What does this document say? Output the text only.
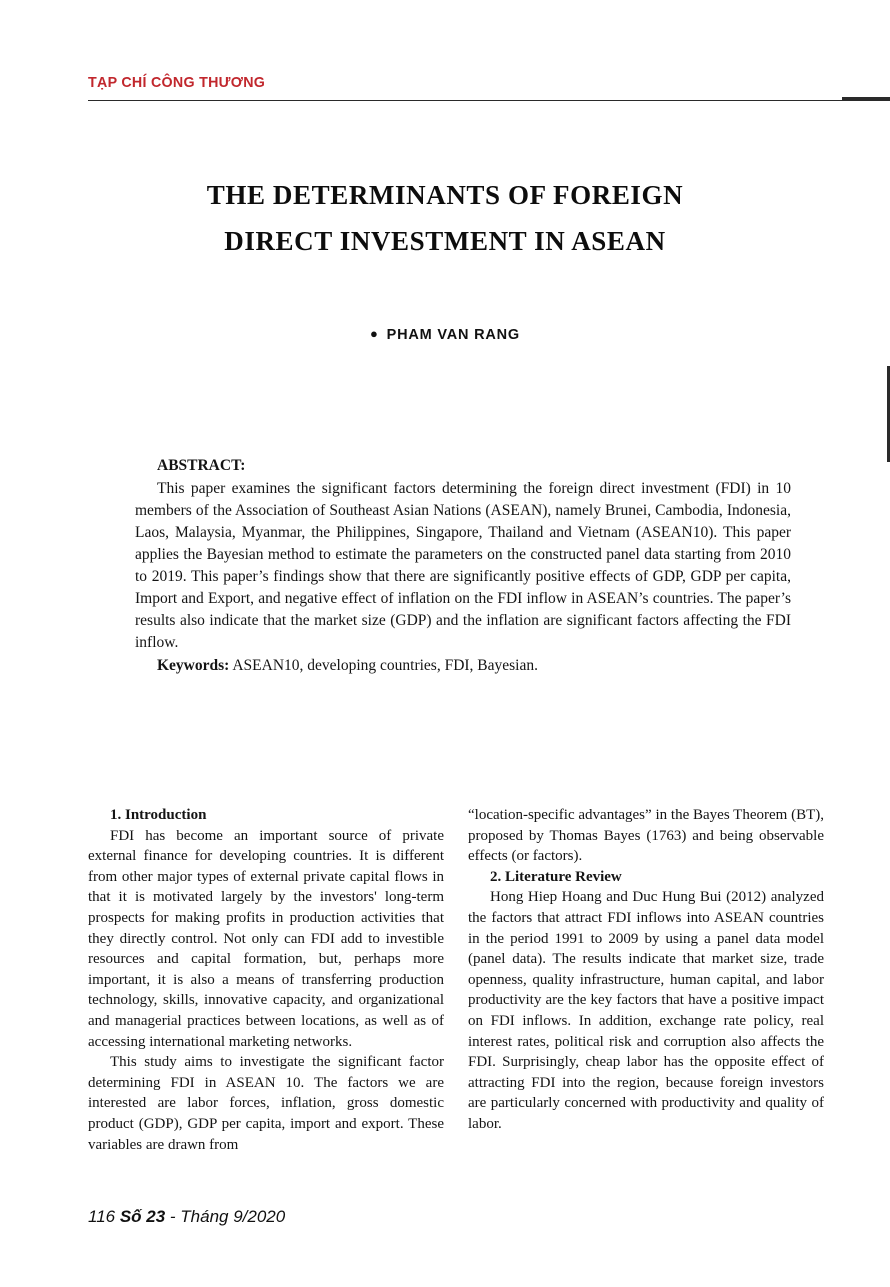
TẠP CHÍ CÔNG THƯƠNG
THE DETERMINANTS OF FOREIGN
DIRECT INVESTMENT IN ASEAN
● PHAM VAN RANG
ABSTRACT:
This paper examines the significant factors determining the foreign direct investment (FDI) in 10 members of the Association of Southeast Asian Nations (ASEAN), namely Brunei, Cambodia, Indonesia, Laos, Malaysia, Myanmar, the Philippines, Singapore, Thailand and Vietnam (ASEAN10). This paper applies the Bayesian method to estimate the parameters on the constructed panel data starting from 2010 to 2019. This paper’s findings show that there are significantly positive effects of GDP, GDP per capita, Import and Export, and negative effect of inflation on the FDI inflow in ASEAN’s countries. The paper’s results also indicate that the market size (GDP) and the inflation are significant factors affecting the FDI inflow.
Keywords: ASEAN10, developing countries, FDI, Bayesian.
1. Introduction

FDI has become an important source of private external finance for developing countries. It is different from other major types of external private capital flows in that it is motivated largely by the investors' long-term prospects for making profits in production activities that they directly control. Not only can FDI add to investible resources and capital formation, but, perhaps more important, it is also a means of transferring production technology, skills, innovative capacity, and organizational and managerial practices between locations, as well as of accessing international marketing networks.

This study aims to investigate the significant factor determining FDI in ASEAN 10. The factors we are interested are labor forces, inflation, gross domestic product (GDP), GDP per capita, import and export. These variables are drawn from

“location-specific advantages” in the Bayes Theorem (BT), proposed by Thomas Bayes (1763) and being observable effects (or factors).

2. Literature Review

Hong Hiep Hoang and Duc Hung Bui (2012) analyzed the factors that attract FDI inflows into ASEAN countries in the period 1991 to 2009 by using a panel data model (panel data). The results indicate that market size, trade openness, quality infrastructure, human capital, and labor productivity are the key factors that have a positive impact on FDI inflows. In addition, exchange rate policy, real interest rates, political risk and corruption also affects the FDI. Surprisingly, cheap labor has the opposite effect of attracting FDI into the region, because foreign investors are particularly concerned with productivity and quality of labor.

116 Số 23 - Tháng 9/2020
